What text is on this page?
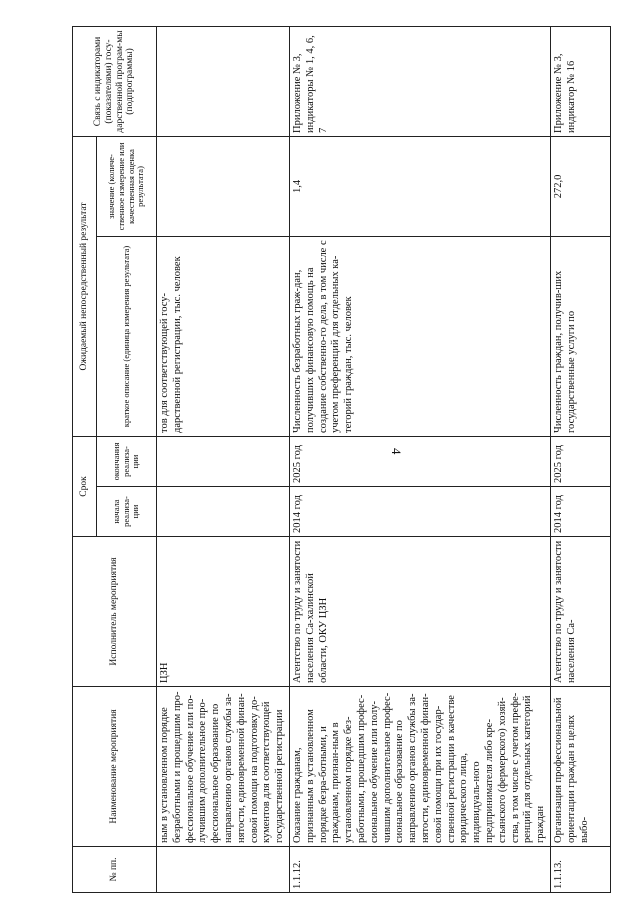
4
№ пп.	Наименование мероприятия	Исполнитель мероприятия	Срок		Ожидаемый непосредственный результат		Связь с индикаторами (показателями) госу-дарственной програм-мы (подпрограммы)
			начала реализа-ции	окончания реализа-ции	краткое описание (единица измерения результата)	значение (количе-ственное измерение или качественная оценка результата)	
	ным в установленном порядке безработными и прошедшим про-фессиональное обучение или по-лучившим дополнительное про-фессиональное образование по направлению органов службы за-нятости, единовременной финан-совой помощи на подготовку до-кументов для соответствующей государственной регистрации	ЦЗН			тов для соответствующей госу-дарственной регистрации, тыс. человек		
1.1.12.	Оказание гражданам, признанным в установленном порядке безра-ботными, и гражданам, признан-ным в установленном порядке без-работными, прошедшим профес-сиональное обучение или полу-чившим дополнительное профес-сиональное образование по направлению органов службы за-нятости, единовременной финан-совой помощи при их государ-ственной регистрации в качестве юридического лица, индивидуаль-ного предпринимателя либо кре-стьянского (фермерского) хозяй-ства, в том числе с учетом префе-ренций для отдельных категорий граждан	Агентство по труду и занятости населения Са-халинской области, ОКУ ЦЗН	2014 год	2025 год	Численность безработных граж-дан, получивших финансовую помощь на создание собственно-го дела, в том числе с учетом преференций для отдельных ка-тегорий граждан, тыс. человек	1,4	Приложение № 3, индикаторы № 1, 4, 6, 7
1.1.13.	Организация профессиональной ориентации граждан в целях выбо-	Агентство по труду и занятости населения Са-	2014 год	2025 год	Численность граждан, получив-ших государственные услуги по	272,0	Приложение № 3, индикатор № 16
